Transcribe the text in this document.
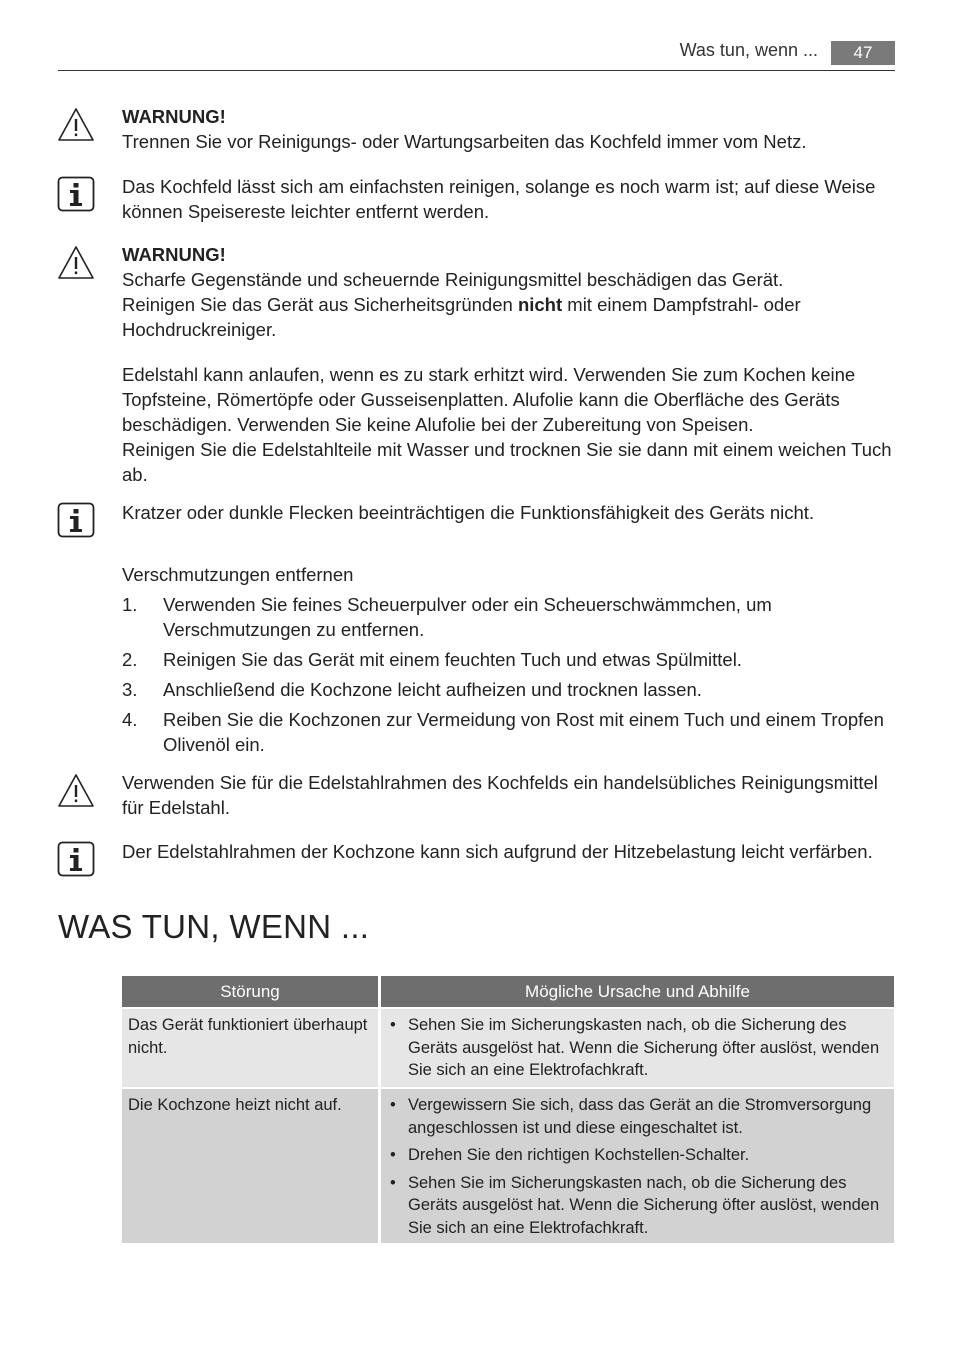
Was tun, wenn ...	47

WARNUNG!

Trennen Sie vor Reinigungs- oder Wartungsarbeiten das Kochfeld immer vom Netz.

Das Kochfeld lässt sich am einfachsten reinigen, solange es noch warm ist; auf diese Weise können Speisereste leichter entfernt werden.

WARNUNG!

Scharfe Gegenstände und scheuernde Reinigungsmittel beschädigen das Gerät.

Reinigen Sie das Gerät aus Sicherheitsgründen nicht mit einem Dampfstrahl- oder Hochdruckreiniger.

Edelstahl kann anlaufen, wenn es zu stark erhitzt wird. Verwenden Sie zum Kochen keine Topfsteine, Römertöpfe oder Gusseisenplatten. Alufolie kann die Oberfläche des Geräts beschädigen. Verwenden Sie keine Alufolie bei der Zubereitung von Speisen.

Reinigen Sie die Edelstahlteile mit Wasser und trocknen Sie sie dann mit einem weichen Tuch ab.

Kratzer oder dunkle Flecken beeinträchtigen die Funktionsfähigkeit des Geräts nicht.

Verschmutzungen entfernen

1. Verwenden Sie feines Scheuerpulver oder ein Scheuerschwämmchen, um Verschmutzungen zu entfernen.
2. Reinigen Sie das Gerät mit einem feuchten Tuch und etwas Spülmittel.
3. Anschließend die Kochzone leicht aufheizen und trocknen lassen.
4. Reiben Sie die Kochzonen zur Vermeidung von Rost mit einem Tuch und einem Tropfen Olivenöl ein.

Verwenden Sie für die Edelstahlrahmen des Kochfelds ein handelsübliches Reinigungsmittel für Edelstahl.

Der Edelstahlrahmen der Kochzone kann sich aufgrund der Hitzebelastung leicht verfärben.

WAS TUN, WENN ...
Störung	Mögliche Ursache und Abhilfe
Das Gerät funktioniert überhaupt nicht.
• Sehen Sie im Sicherungskasten nach, ob die Sicherung des Geräts ausgelöst hat. Wenn die Sicherung öfter auslöst, wenden Sie sich an eine Elektrofachkraft.
Die Kochzone heizt nicht auf.
•	Vergewissern Sie sich, dass das Gerät an die Stromversorgung angeschlossen ist und diese eingeschaltet ist.
• Drehen Sie den richtigen Kochstellen-Schalter.
• Sehen Sie im Sicherungskasten nach, ob die Sicherung des Geräts ausgelöst hat. Wenn die Sicherung öfter auslöst, wenden Sie sich an eine Elektrofachkraft.
